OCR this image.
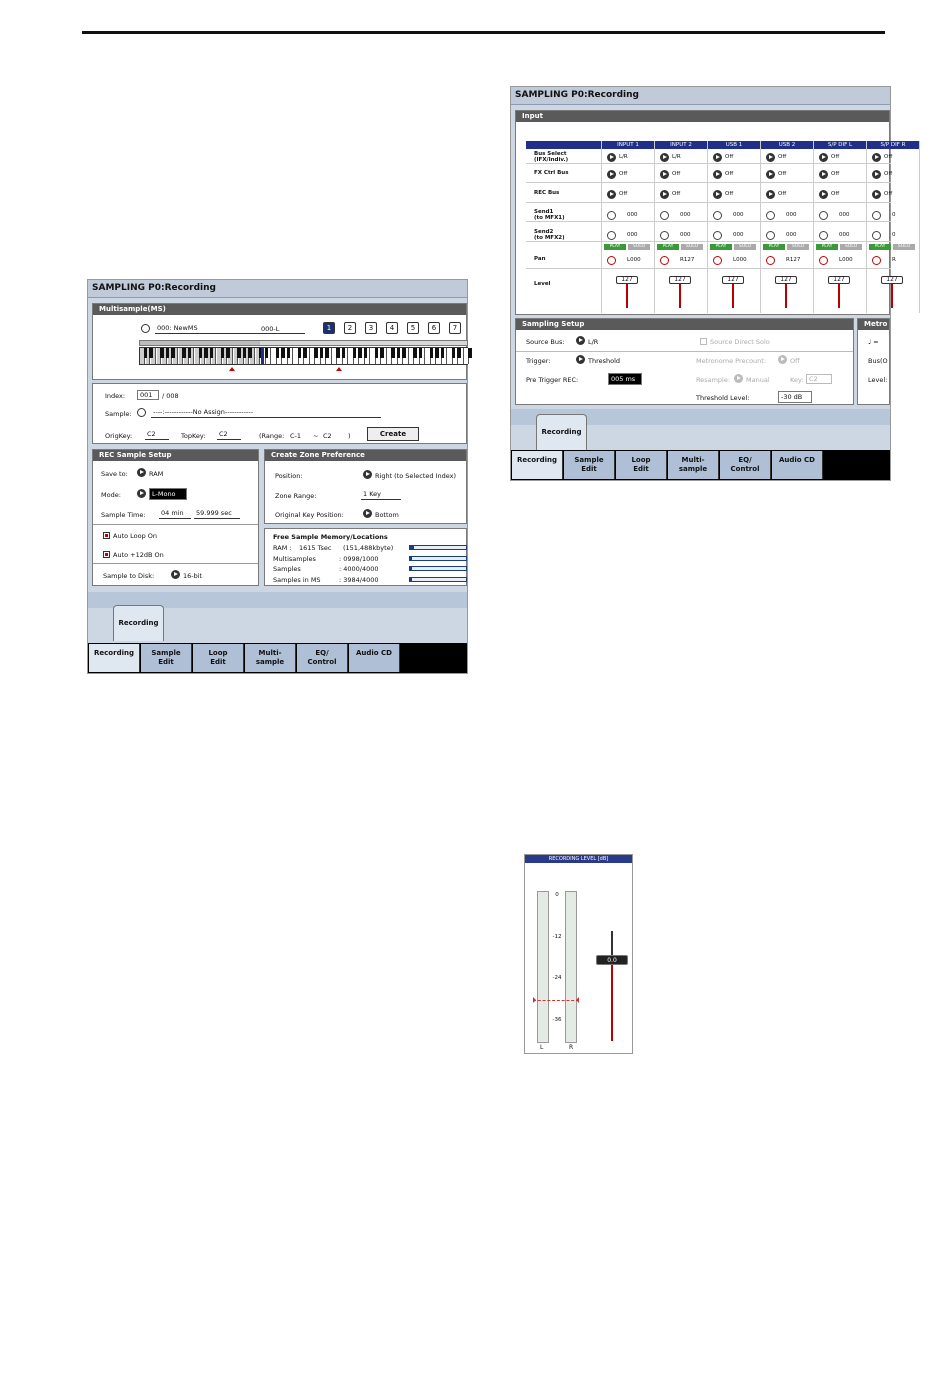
SAMPLING P0:Recording
Multisample(MS)
000: NewMS	000-L	1	2	3	4	5	6	7
Index:	001	/ 008
Sample:	----:------------No Assign------------
OrigKey:	C2	TopKey:	C2	(Range: C-1 ~ C2	)	Create
REC Sample Setup
Save to:	RAM
Mode:	L-Mono
Sample Time:	04 min	59.999 sec
Auto Loop On
Auto +12dB On
Sample to Disk:	16-bit
Create Zone Preference
Position:	Right (to Selected Index)
Zone Range:	1 Key
Original Key Position:	Bottom
Free Sample Memory/Locations
RAM : 1615 Tsec (151,488kbyte)
Multisamples	: 0998/1000
Samples	: 4000/4000
Samples in MS	: 3984/4000
Recording
Recording	Sample
Edit
Loop
Edit
Multi-
sample
EQ/
Control
Audio CD
SAMPLING P0:Recording
Input
INPUT 1	INPUT 2	USB 1	USB 2	S/P DIF L	S/P DIF R
Bus Select
(IFX/Indiv.)	L/R	L/R	Off	Off	Off	Off
FX Ctrl Bus	Off	Off	Off	Off	Off	Off
REC Bus	Off	Off	Off	Off	Off	Off
Send1
(to MFX1)	000	000	000	000	000	0
Send2
(to MFX2)	000	000	000	000	000	0
Pan	L000	R127	L000	R127	L000	R
PLAY	SOLO	PLAY	SOLO	PLAY	SOLO	PLAY	SOLO	PLAY	SOLO	PLAY	SOLO
Level
127	127	127	127	127	127
Sampling Setup
Source Bus:	L/R	Source Direct Solo
Trigger:	Threshold	Metronome Precount:	Off
Pre Trigger REC:	005 ms	Resample: Manual	Key: C2
Threshold Level:	-30 dB
Metro
♩ =
Bus(O
Level:
Recording
Recording	Sample
Edit
Loop
Edit
Multi-
sample
EQ/
Control
Audio CD
RECORDING LEVEL [dB]
0
-12
-24
-36
L	R
0.0
